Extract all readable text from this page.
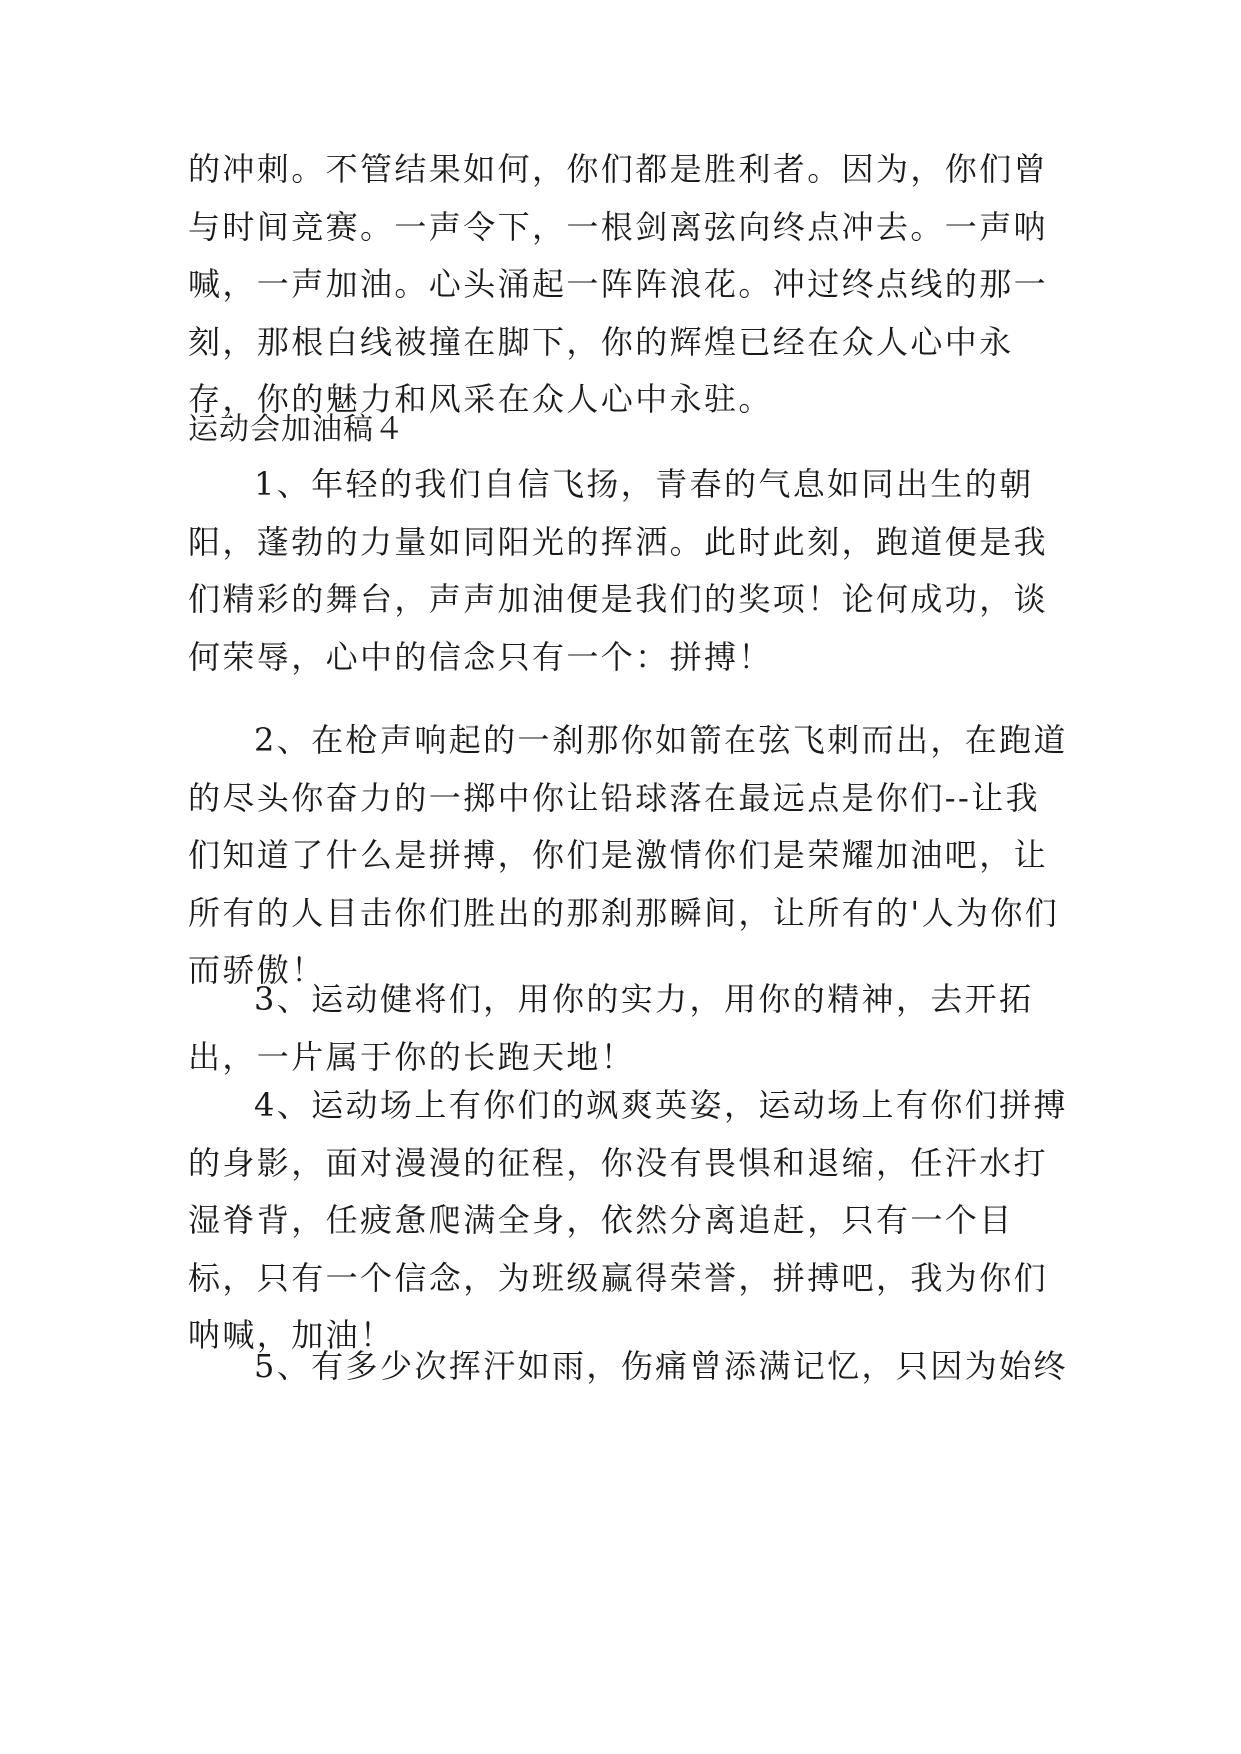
的冲刺。不管结果如何，你们都是胜利者。因为，你们曾与时间竞赛。一声令下，一根剑离弦向终点冲去。一声呐喊，一声加油。心头涌起一阵阵浪花。冲过终点线的那一刻，那根白线被撞在脚下，你的辉煌已经在众人心中永存，你的魅力和风采在众人心中永驻。

运动会加油稿４

1、年轻的我们自信飞扬，青春的气息如同出生的朝阳，蓬勃的力量如同阳光的挥洒。此时此刻，跑道便是我们精彩的舞台，声声加油便是我们的奖项！论何成功，谈何荣辱，心中的信念只有一个：拼搏！

2、在枪声响起的一刹那你如箭在弦飞刺而出，在跑道的尽头你奋力的一掷中你让铅球落在最远点是你们--让我们知道了什么是拼搏，你们是激情你们是荣耀加油吧，让所有的人目击你们胜出的那刹那瞬间，让所有的'人为你们而骄傲！

3、运动健将们，用你的实力，用你的精神，去开拓出，一片属于你的长跑天地！

4、运动场上有你们的飒爽英姿，运动场上有你们拼搏的身影，面对漫漫的征程，你没有畏惧和退缩，任汗水打湿脊背，任疲惫爬满全身，依然分离追赶，只有一个目标，只有一个信念，为班级赢得荣誉，拼搏吧，我为你们呐喊，加油！

5、有多少次挥汗如雨，伤痛曾添满记忆，只因为始终
